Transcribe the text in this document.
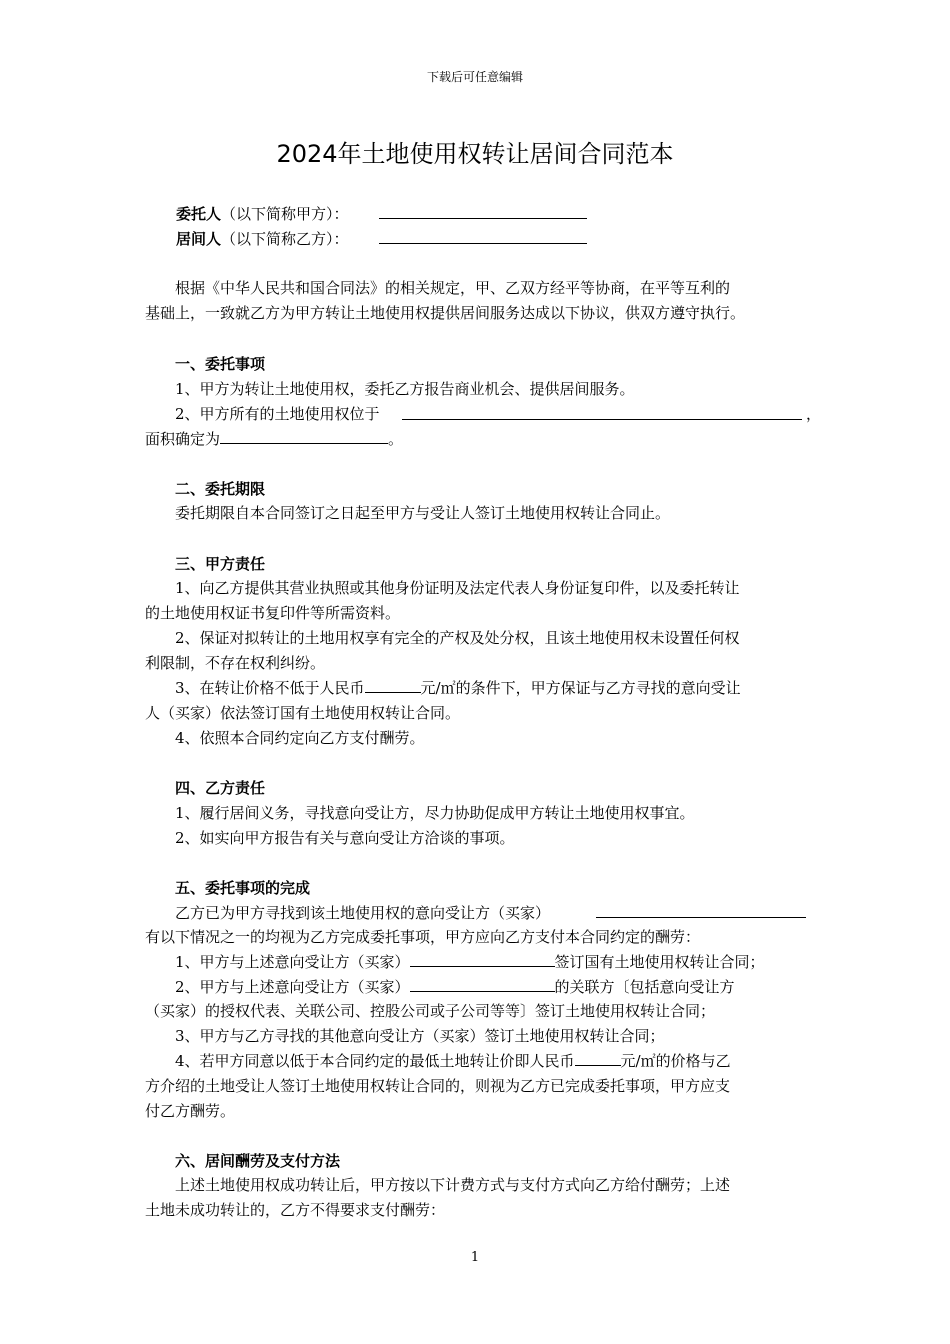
下载后可任意编辑
2024年土地使用权转让居间合同范本
委托人（以下简称甲方）：
居间人（以下简称乙方）：
根据《中华人民共和国合同法》的相关规定，甲、乙双方经平等协商，在平等互利的
基础上，一致就乙方为甲方转让土地使用权提供居间服务达成以下协议，供双方遵守执行。
一、委托事项
1、甲方为转让土地使用权，委托乙方报告商业机会、提供居间服务。
2、甲方所有的土地使用权位于	，
面积确定为	。
二、委托期限
委托期限自本合同签订之日起至甲方与受让人签订土地使用权转让合同止。
三、甲方责任
1、向乙方提供其营业执照或其他身份证明及法定代表人身份证复印件，以及委托转让
的土地使用权证书复印件等所需资料。
2、保证对拟转让的土地用权享有完全的产权及处分权，且该土地使用权未设置任何权
利限制，不存在权利纠纷。
3、在转让价格不低于人民币	元/㎡的条件下，甲方保证与乙方寻找的意向受让
人（买家）依法签订国有土地使用权转让合同。
4、依照本合同约定向乙方支付酬劳。
四、乙方责任
1、履行居间义务，寻找意向受让方，尽力协助促成甲方转让土地使用权事宜。
2、如实向甲方报告有关与意向受让方洽谈的事项。
五、委托事项的完成
乙方已为甲方寻找到该土地使用权的意向受让方（买家）
有以下情况之一的均视为乙方完成委托事项，甲方应向乙方支付本合同约定的酬劳：
1、甲方与上述意向受让方（买家）	签订国有土地使用权转让合同；
2、甲方与上述意向受让方（买家）	的关联方〔包括意向受让方
（买家）的授权代表、关联公司、控股公司或子公司等等〕签订土地使用权转让合同；
3、甲方与乙方寻找的其他意向受让方（买家）签订土地使用权转让合同；
4、若甲方同意以低于本合同约定的最低土地转让价即人民币	元/㎡的价格与乙
方介绍的土地受让人签订土地使用权转让合同的，则视为乙方已完成委托事项，甲方应支
付乙方酬劳。
六、居间酬劳及支付方法
上述土地使用权成功转让后，甲方按以下计费方式与支付方式向乙方给付酬劳；上述
土地未成功转让的，乙方不得要求支付酬劳：
1
